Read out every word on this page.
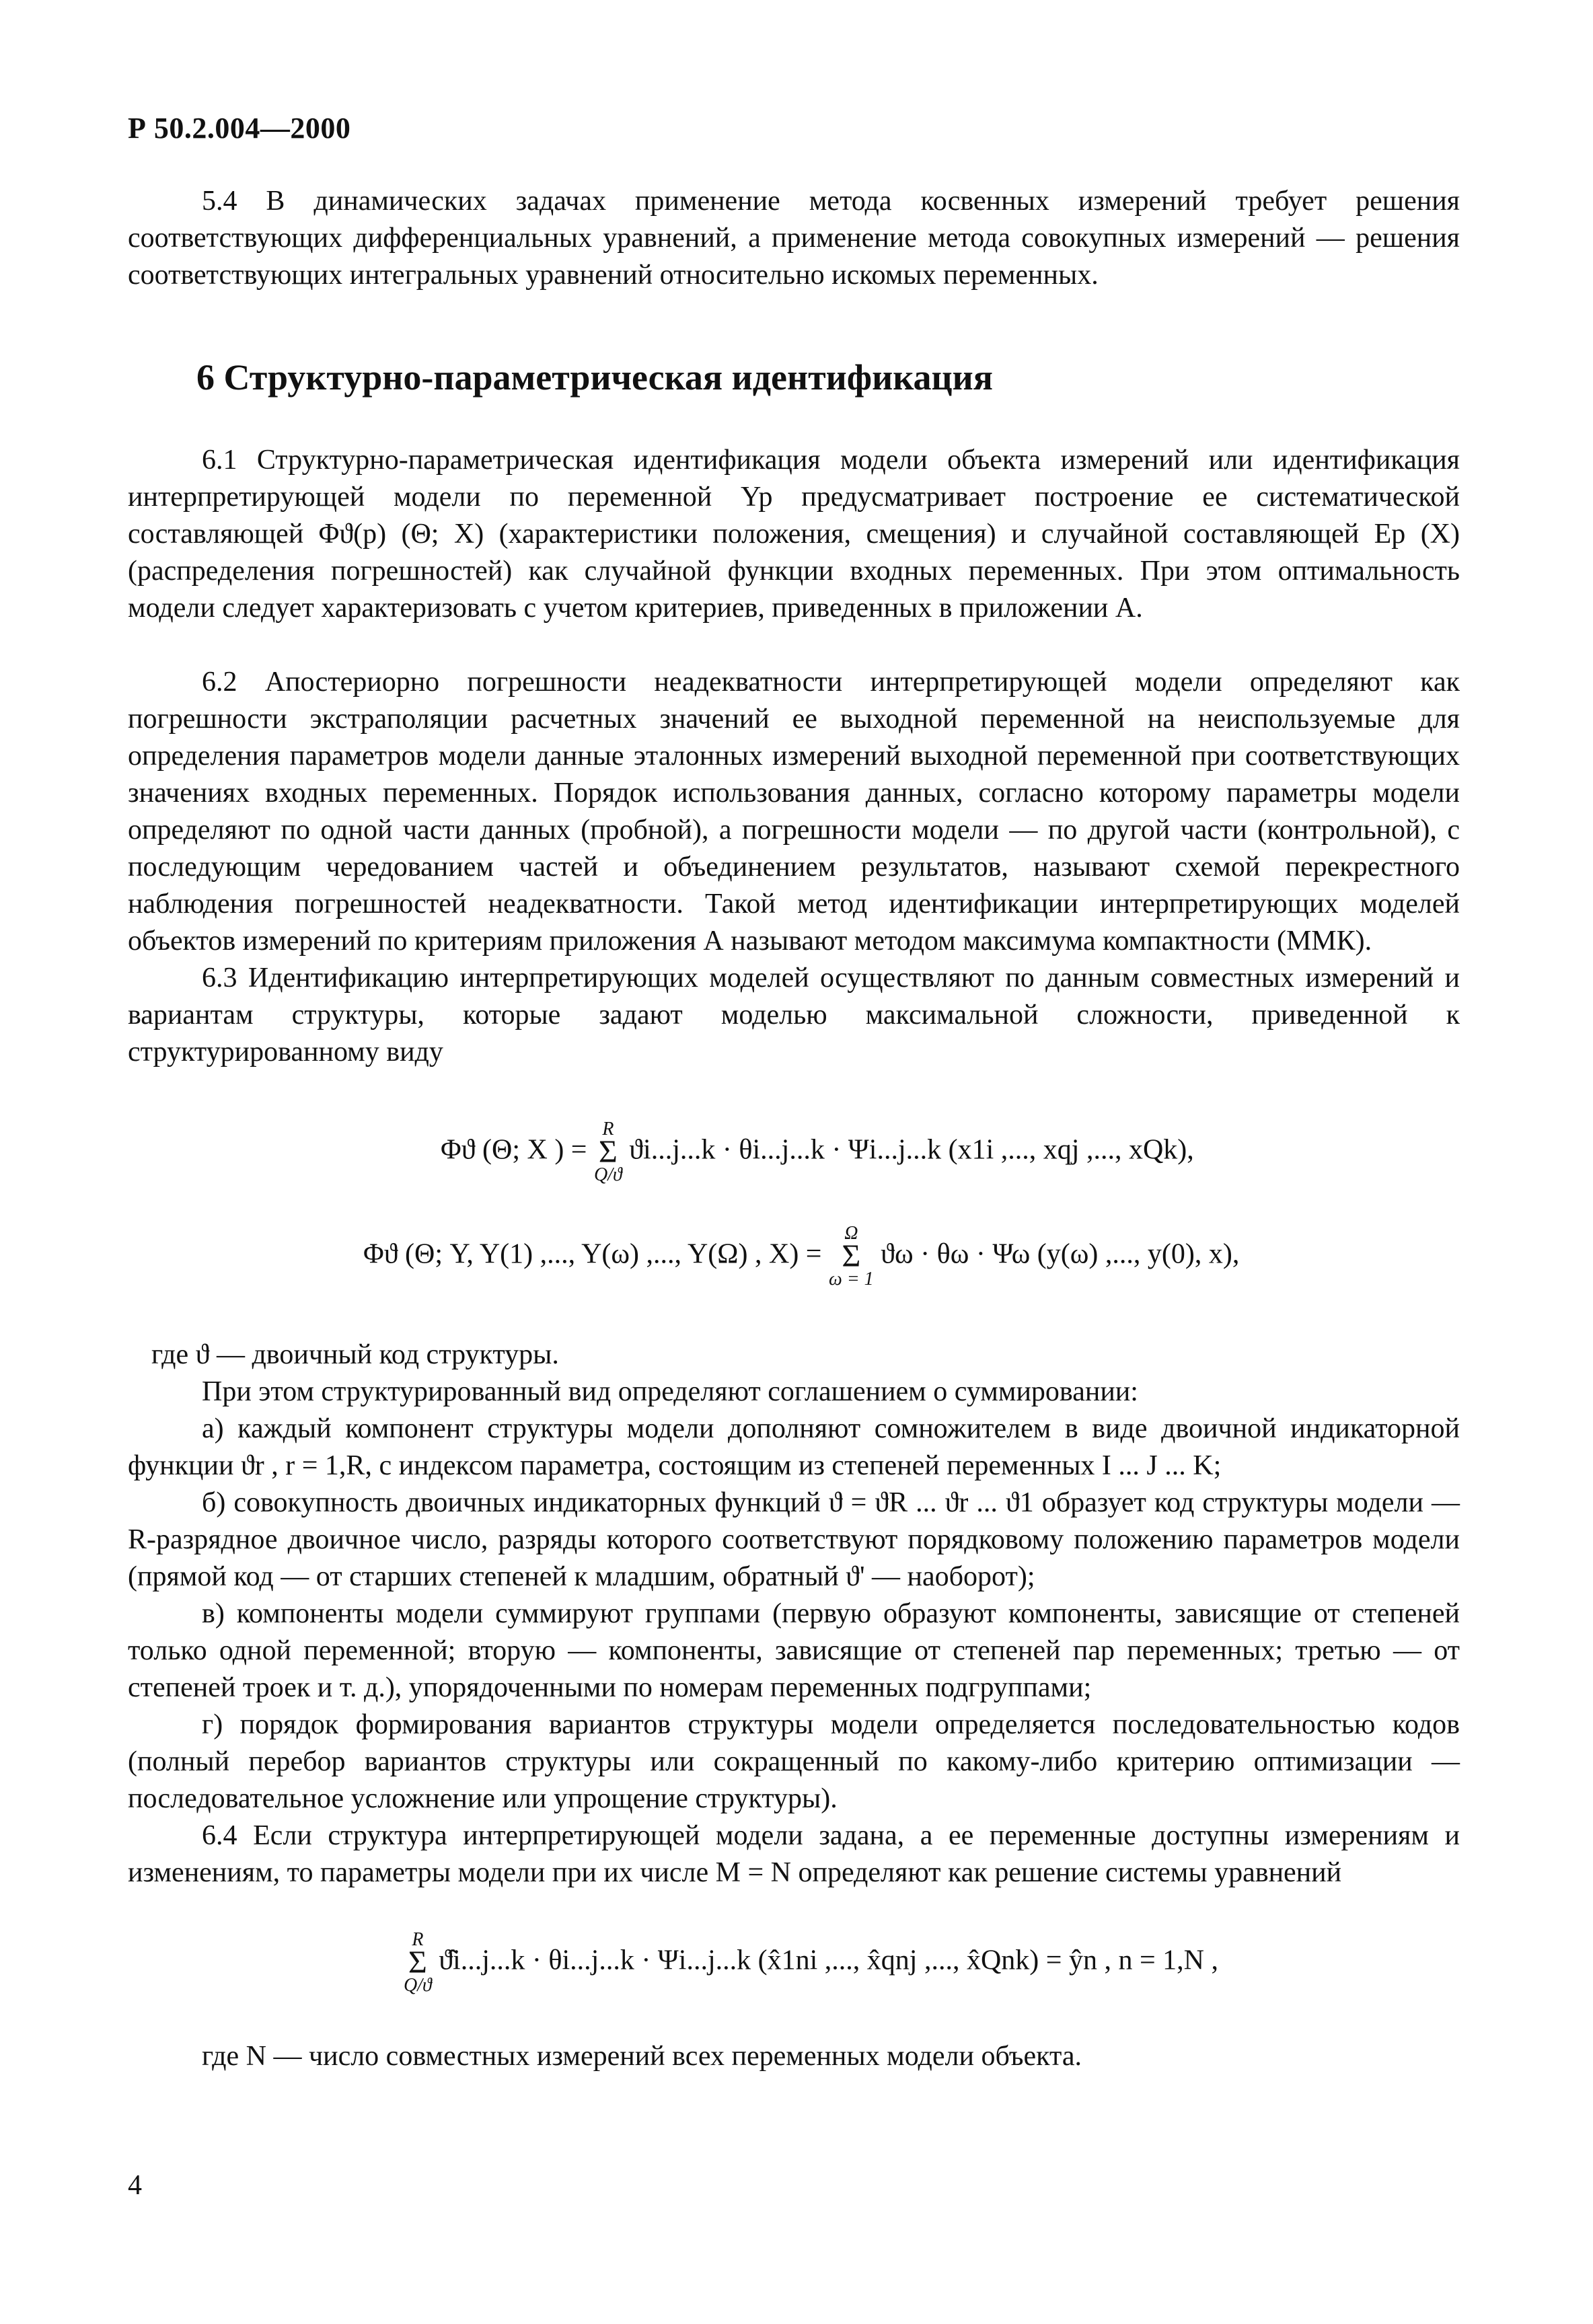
Р 50.2.004—2000

5.4 В динамических задачах применение метода косвенных измерений требует решения соответствующих дифференциальных уравнений, а применение метода совокупных измерений — решения соответствующих интегральных уравнений относительно искомых переменных.

6 Структурно-параметрическая идентификация

6.1 Структурно-параметрическая идентификация модели объекта измерений или идентификация интерпретирующей модели по переменной Yp предусматривает построение ее систематической составляющей Φϑ(p) (Θ; X) (характеристики положения, смещения) и случайной составляющей Ep (X) (распределения погрешностей) как случайной функции входных переменных. При этом оптимальность модели следует характеризовать с учетом критериев, приведенных в приложении А.

6.2 Апостериорно погрешности неадекватности интерпретирующей модели определяют как погрешности экстраполяции расчетных значений ее выходной переменной на неиспользуемые для определения параметров модели данные эталонных измерений выходной переменной при соответствующих значениях входных переменных. Порядок использования данных, согласно которому параметры модели определяют по одной части данных (пробной), а погрешности модели — по другой части (контрольной), с последующим чередованием частей и объединением результатов, называют схемой перекрестного наблюдения погрешностей неадекватности. Такой метод идентификации интерпретирующих моделей объектов измерений по критериям приложения А называют методом максимума компактности (ММК).

6.3 Идентификацию интерпретирующих моделей осуществляют по данным совместных измерений и вариантам структуры, которые задают моделью максимальной сложности, приведенной к структурированному виду

Φϑ (Θ; X ) =
R
Σ
Q/ϑ
ϑi...j...k · θi...j...k · Ψi...j...k (x1i ,..., xqj ,..., xQk),
Φϑ (Θ; Y, Y(1) ,..., Y(ω) ,..., Y(Ω) , X) =
Ω
Σ
ω = 1
ϑω · θω · Ψω (y(ω) ,..., y(0), x),

где ϑ — двоичный код структуры.

При этом структурированный вид определяют соглашением о суммировании:

а) каждый компонент структуры модели дополняют сомножителем в виде двоичной индикаторной функции ϑr , r = 1,R, с индексом параметра, состоящим из степеней переменных I ... J ... K;

б) совокупность двоичных индикаторных функций ϑ = ϑR ... ϑr ... ϑ1 образует код структуры модели — R-разрядное двоичное число, разряды которого соответствуют порядковому положению параметров модели (прямой код — от старших степеней к младшим, обратный ϑ' — наоборот);

в) компоненты модели суммируют группами (первую образуют компоненты, зависящие от степеней только одной переменной; вторую — компоненты, зависящие от степеней пар переменных; третью — от степеней троек и т. д.), упорядоченными по номерам переменных подгруппами;

г) порядок формирования вариантов структуры модели определяется последовательностью кодов (полный перебор вариантов структуры или сокращенный по какому-либо критерию оптимизации — последовательное усложнение или упрощение структуры).

6.4 Если структура интерпретирующей модели задана, а ее переменные доступны измерениям и изменениям, то параметры модели при их числе M = N определяют как решение системы уравнений

R
Σ
Q/ϑ
ϑ̂i...j...k · θi...j...k · Ψi...j...k (x̂1ni ,..., x̂qnj ,..., x̂Qnk) = ŷn , n = 1,N ,

где N — число совместных измерений всех переменных модели объекта.

4
